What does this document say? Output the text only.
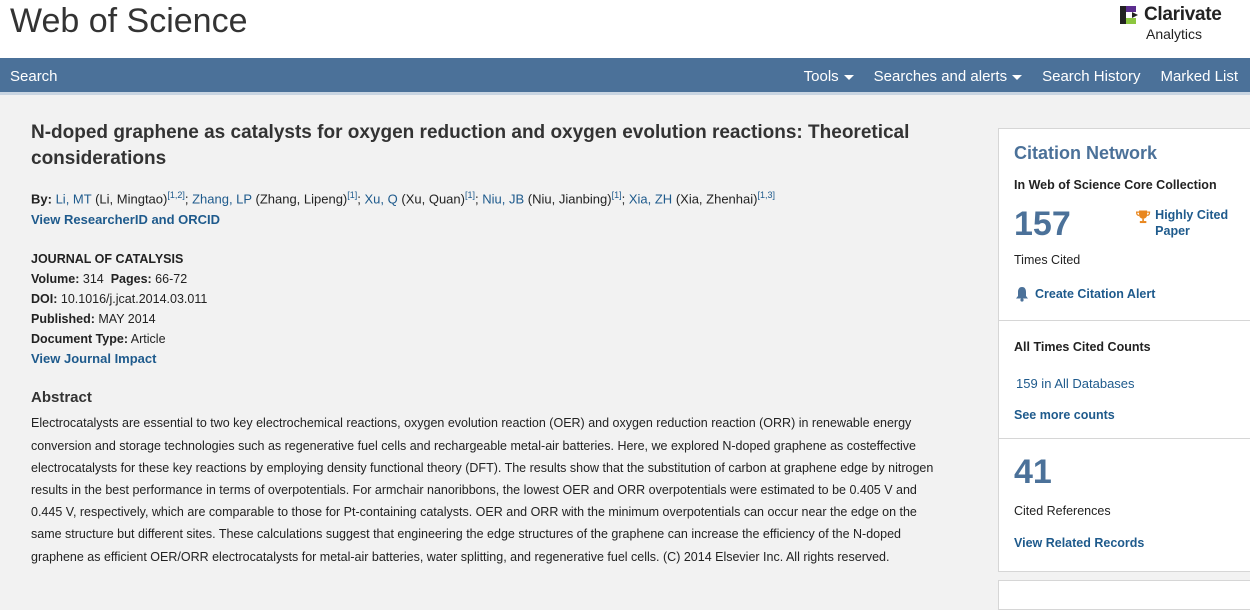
Web of Science	Clarivate
Analytics
Search	Tools Searches and alerts Search History Marked List
N-doped graphene as catalysts for oxygen reduction and oxygen evolution reactions: Theoretical considerations
By: Li, MT (Li, Mingtao)[1,2]; Zhang, LP (Zhang, Lipeng)[1]; Xu, Q (Xu, Quan)[1]; Niu, JB (Niu, Jianbing)[1]; Xia, ZH (Xia, Zhenhai)[1,3]
View ResearcherID and ORCID
JOURNAL OF CATALYSIS
Volume: 314 Pages: 66-72
DOI: 10.1016/j.jcat.2014.03.011
Published: MAY 2014
Document Type: Article
View Journal Impact
Abstract
Electrocatalysts are essential to two key electrochemical reactions, oxygen evolution reaction (OER) and oxygen reduction reaction (ORR) in renewable energy conversion and storage technologies such as regenerative fuel cells and rechargeable metal-air batteries. Here, we explored N-doped graphene as costeffective electrocatalysts for these key reactions by employing density functional theory (DFT). The results show that the substitution of carbon at graphene edge by nitrogen results in the best performance in terms of overpotentials. For armchair nanoribbons, the lowest OER and ORR overpotentials were estimated to be 0.405 V and 0.445 V, respectively, which are comparable to those for Pt-containing catalysts. OER and ORR with the minimum overpotentials can occur near the edge on the same structure but different sites. These calculations suggest that engineering the edge structures of the graphene can increase the efficiency of the N-doped graphene as efficient OER/ORR electrocatalysts for metal-air batteries, water splitting, and regenerative fuel cells. (C) 2014 Elsevier Inc. All rights reserved.
Citation Network
In Web of Science Core Collection
157	Highly Cited Paper
Times Cited
Create Citation Alert
All Times Cited Counts
159 in All Databases
See more counts
41
Cited References
View Related Records
